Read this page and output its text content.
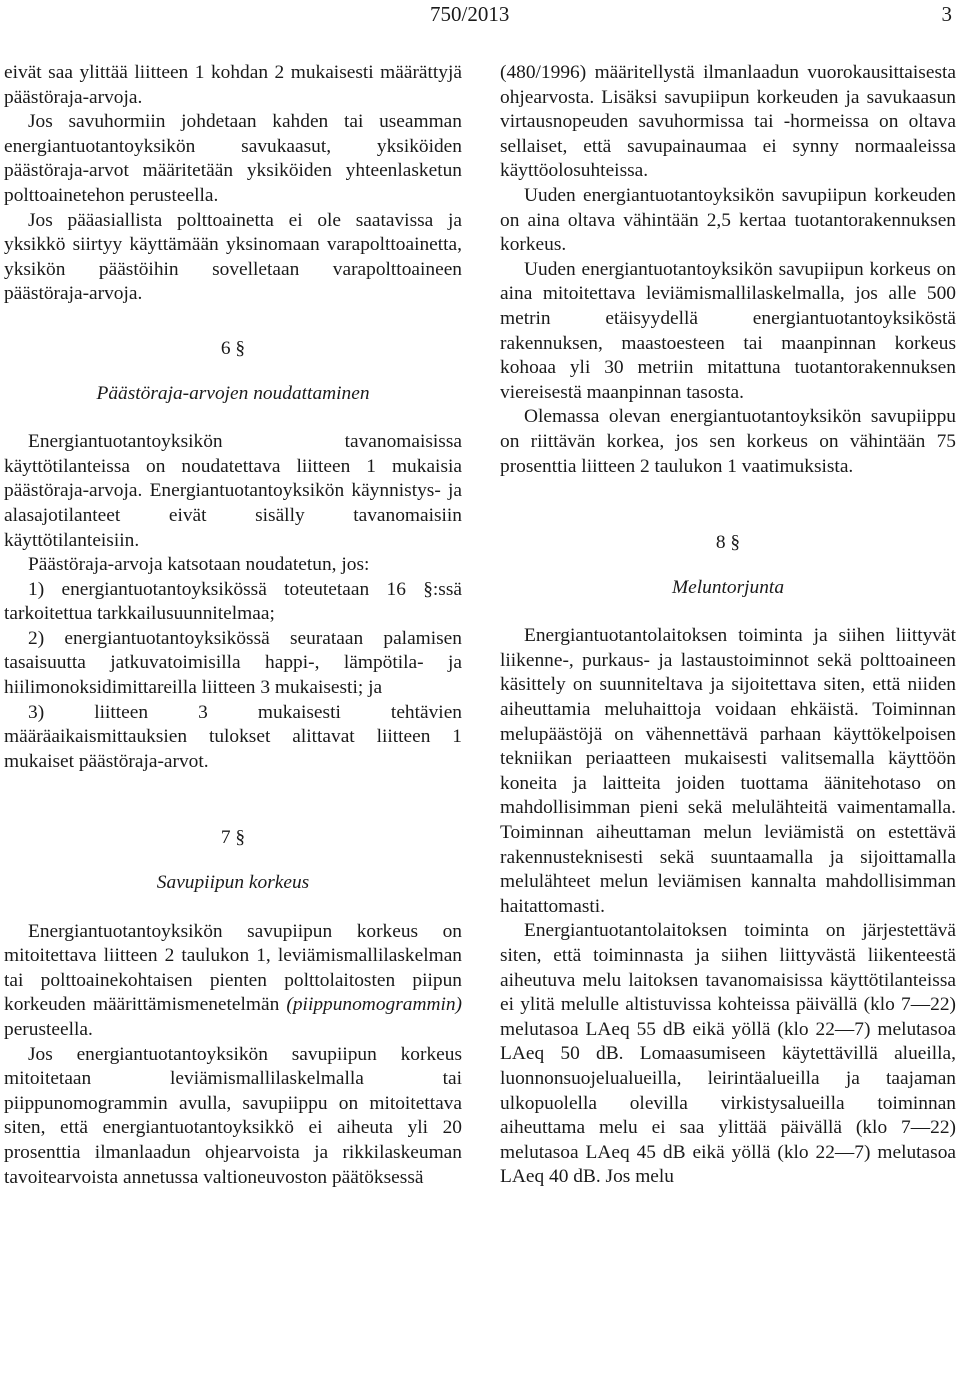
750/2013	3

eivät saa ylittää liitteen 1 kohdan 2 mukaisesti määrättyjä päästöraja-arvoja.

Jos savuhormiin johdetaan kahden tai useamman energiantuotantoyksikön savukaasut, yksiköiden päästöraja-arvot määritetään yksiköiden yhteenlasketun polttoainetehon perusteella.

Jos pääasiallista polttoainetta ei ole saatavissa ja yksikkö siirtyy käyttämään yksinomaan varapolttoainetta, yksikön päästöihin sovelletaan varapolttoaineen päästöraja-arvoja.

6 §
Päästöraja-arvojen noudattaminen

Energiantuotantoyksikön tavanomaisissa käyttötilanteissa on noudatettava liitteen 1 mukaisia päästöraja-arvoja. Energiantuotantoyksikön käynnistys- ja alasajotilanteet eivät sisälly tavanomaisiin käyttötilanteisiin.

Päästöraja-arvoja katsotaan noudatetun, jos:

1) energiantuotantoyksikössä toteutetaan 16 §:ssä tarkoitettua tarkkailusuunnitelmaa;

2) energiantuotantoyksikössä seurataan palamisen tasaisuutta jatkuvatoimisilla happi-, lämpötila- ja hiilimonoksidimittareilla liitteen 3 mukaisesti; ja

3) liitteen 3 mukaisesti tehtävien määräaikaismittauksien tulokset alittavat liitteen 1 mukaiset päästöraja-arvot.

7 §
Savupiipun korkeus

Energiantuotantoyksikön savupiipun korkeus on mitoitettava liitteen 2 taulukon 1, leviämismallilaskelman tai polttoainekohtaisen pienten polttolaitosten piipun korkeuden määrittämismenetelmän (piippunomogrammin) perusteella.

Jos energiantuotantoyksikön savupiipun korkeus mitoitetaan leviämismallilaskelmalla tai piippunomogrammin avulla, savupiippu on mitoitettava siten, että energiantuotantoyksikkö ei aiheuta yli 20 prosenttia ilmanlaadun ohjearvoista ja rikkilaskeuman tavoitearvoista annetussa valtioneuvoston päätöksessä

(480/1996) määritellystä ilmanlaadun vuorokausittaisesta ohjearvosta. Lisäksi savupiipun korkeuden ja savukaasun virtausnopeuden savuhormissa tai -hormeissa on oltava sellaiset, että savupainaumaa ei synny normaaleissa käyttöolosuhteissa.

Uuden energiantuotantoyksikön savupiipun korkeuden on aina oltava vähintään 2,5 kertaa tuotantorakennuksen korkeus.

Uuden energiantuotantoyksikön savupiipun korkeus on aina mitoitettava leviämismallilaskelmalla, jos alle 500 metrin etäisyydellä energiantuotantoyksiköstä rakennuksen, maastoesteen tai maanpinnan korkeus kohoaa yli 30 metriin mitattuna tuotantorakennuksen viereisestä maanpinnan tasosta.

Olemassa olevan energiantuotantoyksikön savupiippu on riittävän korkea, jos sen korkeus on vähintään 75 prosenttia liitteen 2 taulukon 1 vaatimuksista.

8 §
Meluntorjunta

Energiantuotantolaitoksen toiminta ja siihen liittyvät liikenne-, purkaus- ja lastaustoiminnot sekä polttoaineen käsittely on suunniteltava ja sijoitettava siten, että niiden aiheuttamia meluhaittoja voidaan ehkäistä. Toiminnan melupäästöjä on vähennettävä parhaan käyttökelpoisen tekniikan periaatteen mukaisesti valitsemalla käyttöön koneita ja laitteita joiden tuottama äänitehotaso on mahdollisimman pieni sekä melulähteitä vaimentamalla. Toiminnan aiheuttaman melun leviämistä on estettävä rakennusteknisesti sekä suuntaamalla ja sijoittamalla melulähteet melun leviämisen kannalta mahdollisimman haitattomasti.

Energiantuotantolaitoksen toiminta on järjestettävä siten, että toiminnasta ja siihen liittyvästä liikenteestä aiheutuva melu laitoksen tavanomaisissa käyttötilanteissa ei ylitä melulle altistuvissa kohteissa päivällä (klo 7—22) melutasoa LAeq 55 dB eikä yöllä (klo 22—7) melutasoa LAeq 50 dB. Lomaasumiseen käytettävillä alueilla, luonnonsuojelualueilla, leirintäalueilla ja taajaman ulkopuolella olevilla virkistysalueilla toiminnan aiheuttama melu ei saa ylittää päivällä (klo 7—22) melutasoa LAeq 45 dB eikä yöllä (klo 22—7) melutasoa LAeq 40 dB. Jos melu
